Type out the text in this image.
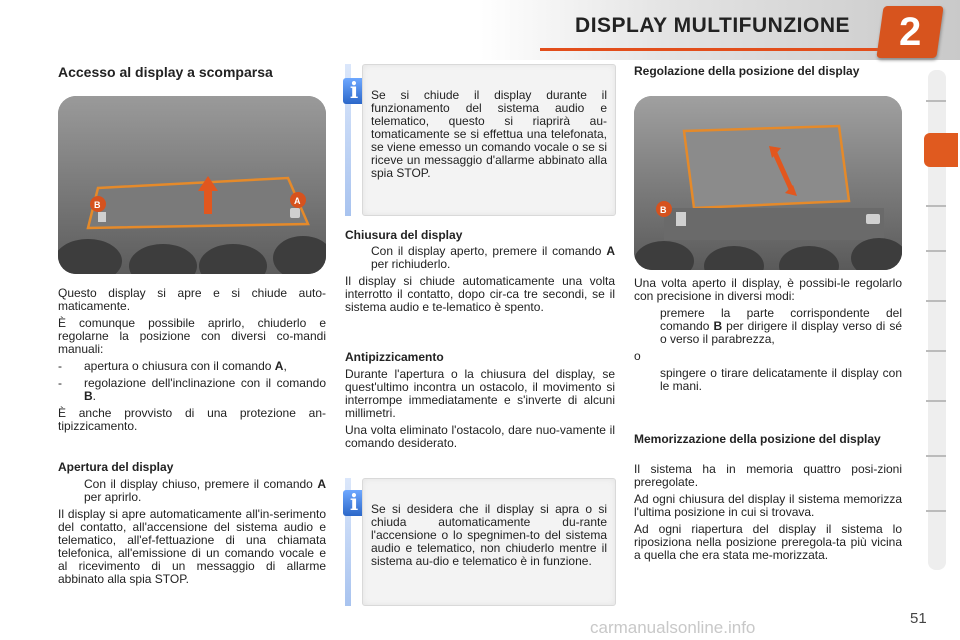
DISPLAY MULTIFUNZIONE	2
Accesso al display a scomparsa
B	A

Questo display si apre e si chiude auto-maticamente.

È comunque possibile aprirlo, chiuderlo e regolarne la posizione con diversi co-mandi manuali:

- apertura o chiusura con il comando A,

- regolazione dell'inclinazione con il comando B.

È anche provvisto di una protezione an-tipizzicamento.

Apertura del display

Con il display chiuso, premere il comando A per aprirlo.

Il display si apre automaticamente all'in-serimento del contatto, all'accensione del sistema audio e telematico, all'ef-fettuazione di una chiamata telefonica, all'emissione di un comando vocale e al ricevimento di un messaggio di allarme abbinato alla spia STOP.

i	Se si chiude il display durante il funzionamento del sistema audio e telematico, questo si riaprirà au-tomaticamente se si effettua una telefonata, se viene emesso un comando vocale o se si riceve un messaggio d'allarme abbinato alla spia STOP.
Chiusura del display

Con il display aperto, premere il comando A per richiuderlo.

Il display si chiude automaticamente una volta interrotto il contatto, dopo cir-ca tre secondi, se il sistema audio e te-lematico è spento.

Antipizzicamento

Durante l'apertura o la chiusura del display, se quest'ultimo incontra un ostacolo, il movimento si interrompe immediatamente e s'inverte di alcuni millimetri.

Una volta eliminato l'ostacolo, dare nuo-vamente il comando desiderato.

i	Se si desidera che il display si apra o si chiuda automaticamente du-rante l'accensione o lo spegnimen-to del sistema audio e telematico, non chiuderlo mentre il sistema au-dio e telematico è in funzione.
Regolazione della posizione del display
B

Una volta aperto il display, è possibi-le regolarlo con precisione in diversi modi:

premere la parte corrispondente del comando B per dirigere il display verso di sé o verso il parabrezza,

o

spingere o tirare delicatamente il display con le mani.

Memorizzazione della posizione del display

Il sistema ha in memoria quattro posi-zioni preregolate.

Ad ogni chiusura del display il sistema memorizza l'ultima posizione in cui si trovava.

Ad ogni riapertura del display il sistema lo riposiziona nella posizione preregola-ta più vicina a quella che era stata me-morizzata.

carmanualsonline.info	51
